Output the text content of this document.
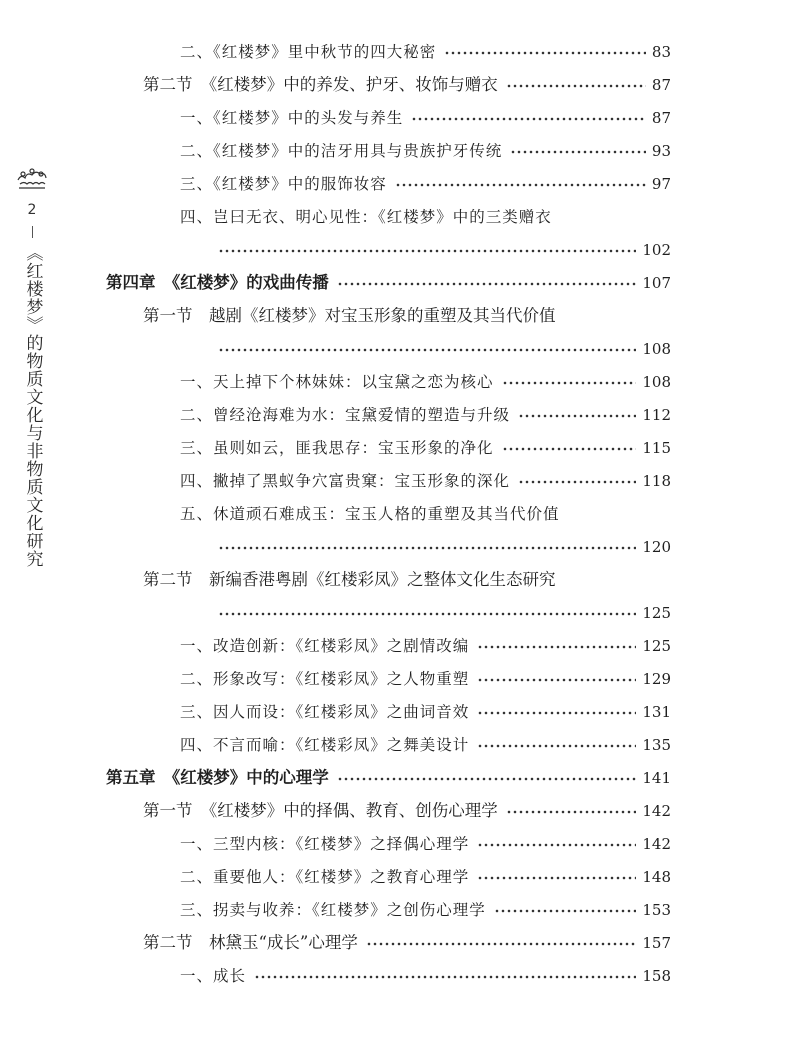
2
《红楼梦》的物质文化与非物质文化研究
二、《红楼梦》里中秋节的四大秘密	83
第二节　《红楼梦》中的养发、护牙、妆饰与赠衣	87
一、《红楼梦》中的头发与养生	87
二、《红楼梦》中的洁牙用具与贵族护牙传统	93
三、《红楼梦》中的服饰妆容	97
四、岂曰无衣、明心见性：《红楼梦》中的三类赠衣
102
第四章　《红楼梦》的戏曲传播	107
第一节　越剧《红楼梦》对宝玉形象的重塑及其当代价值
108
一、天上掉下个林妹妹：以宝黛之恋为核心	108
二、曾经沧海难为水：宝黛爱情的塑造与升级	112
三、虽则如云，匪我思存：宝玉形象的净化	115
四、撇掉了黑蚁争穴富贵窠：宝玉形象的深化	118
五、休道顽石难成玉：宝玉人格的重塑及其当代价值
120
第二节　新编香港粤剧《红楼彩凤》之整体文化生态研究
125
一、改造创新：《红楼彩凤》之剧情改编	125
二、形象改写：《红楼彩凤》之人物重塑	129
三、因人而设：《红楼彩凤》之曲词音效	131
四、不言而喻：《红楼彩凤》之舞美设计	135
第五章　《红楼梦》中的心理学	141
第一节　《红楼梦》中的择偶、教育、创伤心理学	142
一、三型内核：《红楼梦》之择偶心理学	142
二、重要他人：《红楼梦》之教育心理学	148
三、拐卖与收养：《红楼梦》之创伤心理学	153
第二节　林黛玉“成长”心理学	157
一、成长	158
